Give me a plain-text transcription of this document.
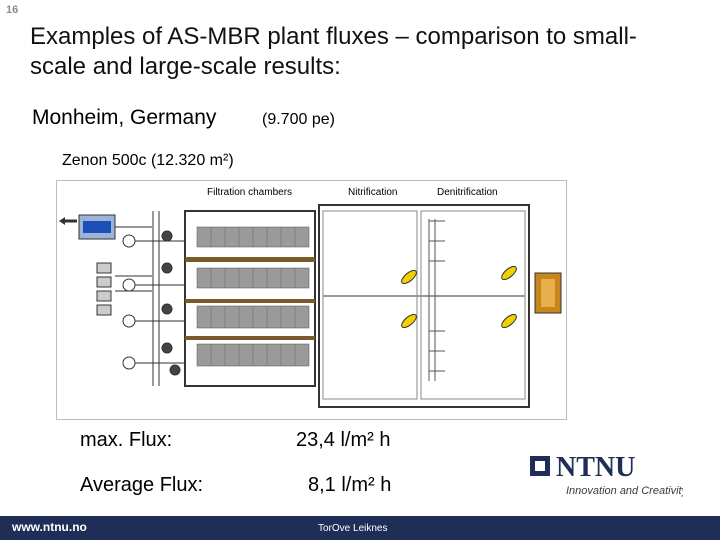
16
Examples of AS-MBR plant fluxes – comparison to small-scale and large-scale results:
Monheim, Germany	(9.700 pe)
Zenon 500c (12.320 m²)
Filtration chambers	Nitrification	Denitrification
max. Flux:	23,4 l/m² h
Average Flux:	8,1 l/m² h
NTNU
Innovation and Creativity
www.ntnu.no	TorOve Leiknes
